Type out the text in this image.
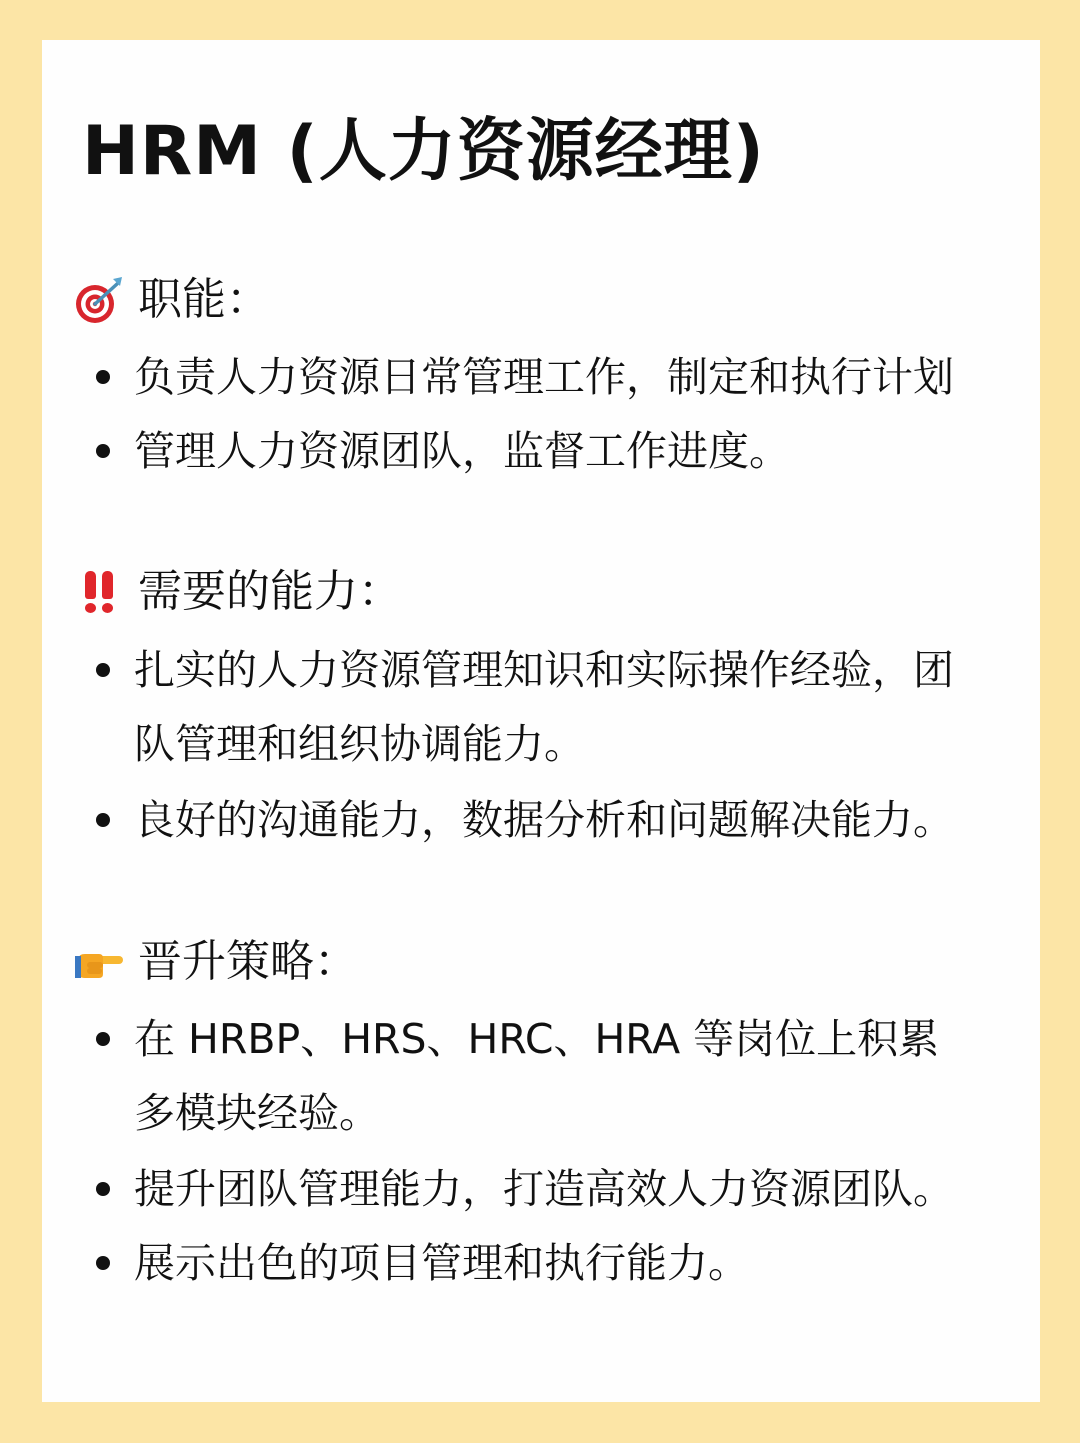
HRM (人力资源经理)
职能：
负责人力资源日常管理工作，制定和执行计划
管理人力资源团队，监督工作进度。
需要的能力：
扎实的人力资源管理知识和实际操作经验，团
队管理和组织协调能力。
良好的沟通能力，数据分析和问题解决能力。
晋升策略：
在 HRBP、HRS、HRC、HRA 等岗位上积累
多模块经验。
提升团队管理能力，打造高效人力资源团队。
展示出色的项目管理和执行能力。
